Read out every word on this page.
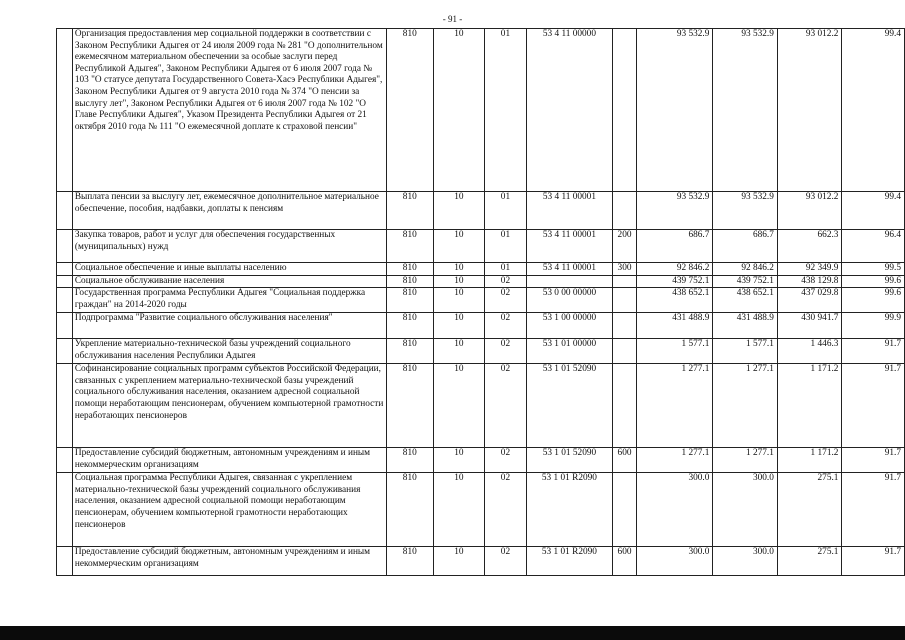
- 91 -
	Организация предоставления мер социальной поддержки в соответствии с Законом Республики Адыгея от 24 июля 2009 года № 281 "О дополнительном ежемесячном материальном обеспечении за особые заслуги перед Республикой Адыгея", Законом Республики Адыгея от 6 июля 2007 года № 103 "О статусе депутата Государственного Совета-Хасэ Республики Адыгея", Законом Республики Адыгея от 9 августа 2010 года № 374 "О пенсии за выслугу лет", Законом Республики Адыгея от 6 июля 2007 года № 102 "О Главе Республики Адыгея", Указом Президента Республики Адыгея от 21 октября 2010 года № 111 "О ежемесячной доплате к страховой пенсии"	810	10	01	53 4 11 00000		93 532.9	93 532.9	93 012.2	99.4
	Выплата пенсии за выслугу лет, ежемесячное дополнительное материальное обеспечение, пособия, надбавки, доплаты к пенсиям	810	10	01	53 4 11 00001		93 532.9	93 532.9	93 012.2	99.4
	Закупка товаров, работ и услуг для обеспечения государственных (муниципальных) нужд	810	10	01	53 4 11 00001	200	686.7	686.7	662.3	96.4
	Социальное обеспечение и иные выплаты населению	810	10	01	53 4 11 00001	300	92 846.2	92 846.2	92 349.9	99.5
	Социальное обслуживание населения	810	10	02			439 752.1	439 752.1	438 129.8	99.6
	Государственная программа Республики Адыгея "Социальная поддержка граждан" на 2014-2020 годы	810	10	02	53 0 00 00000		438 652.1	438 652.1	437 029.8	99.6
	Подпрограмма "Развитие социального обслуживания населения"	810	10	02	53 1 00 00000		431 488.9	431 488.9	430 941.7	99.9
	Укрепление материально-технической базы учреждений социального обслуживания населения Республики Адыгея	810	10	02	53 1 01 00000		1 577.1	1 577.1	1 446.3	91.7
	Софинансирование социальных программ субъектов Российской Федерации, связанных с укреплением материально-технической базы учреждений социального обслуживания населения, оказанием адресной социальной помощи неработающим пенсионерам, обучением компьютерной грамотности неработающих пенсионеров	810	10	02	53 1 01 52090		1 277.1	1 277.1	1 171.2	91.7
	Предоставление субсидий бюджетным, автономным учреждениям и иным некоммерческим организациям	810	10	02	53 1 01 52090	600	1 277.1	1 277.1	1 171.2	91.7
	Социальная программа Республики Адыгея, связанная с укреплением материально-технической базы учреждений социального обслуживания населения, оказанием адресной социальной помощи неработающим пенсионерам, обучением компьютерной грамотности неработающих пенсионеров	810	10	02	53 1 01 R2090		300.0	300.0	275.1	91.7
	Предоставление субсидий бюджетным, автономным учреждениям и иным некоммерческим организациям	810	10	02	53 1 01 R2090	600	300.0	300.0	275.1	91.7
